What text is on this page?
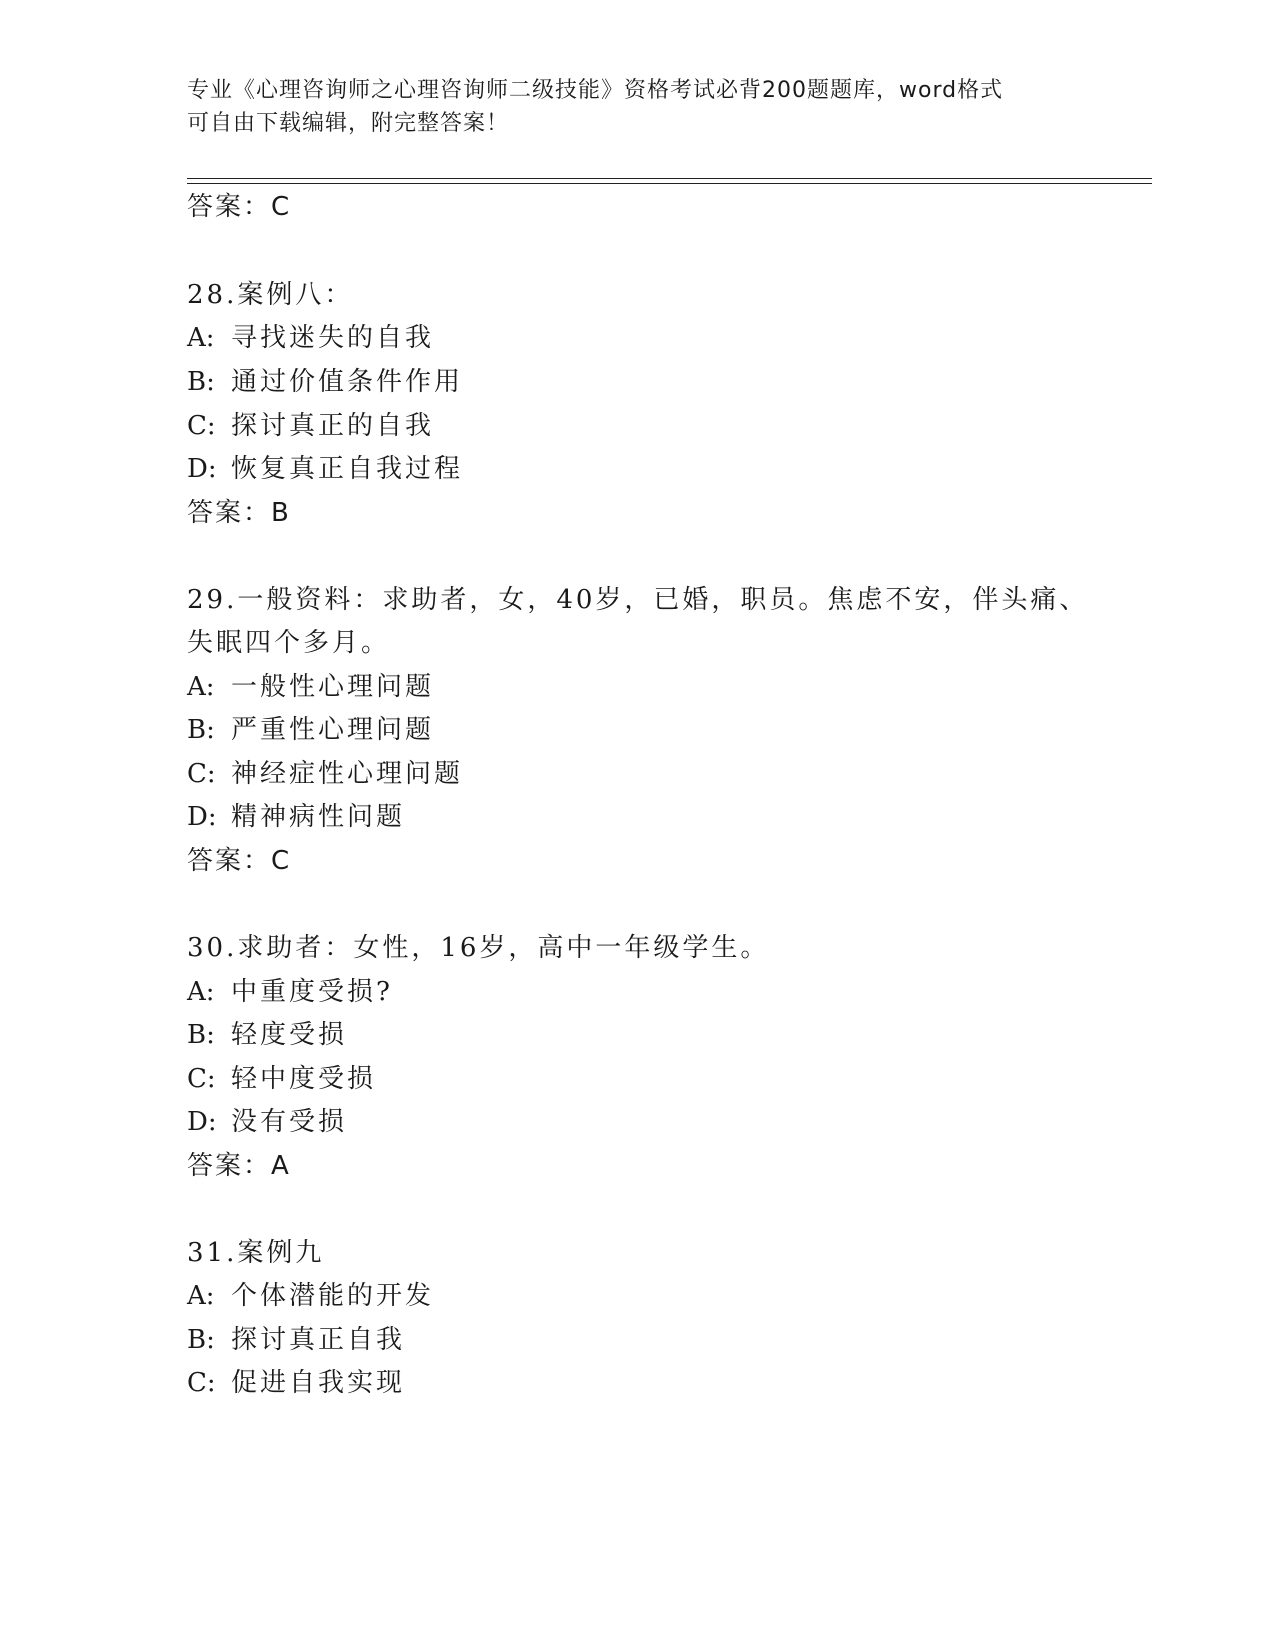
专业《心理咨询师之心理咨询师二级技能》资格考试必背200题题库，word格式
可自由下载编辑，附完整答案！
答案：C
28.案例八：
A: 寻找迷失的自我
B: 通过价值条件作用
C: 探讨真正的自我
D: 恢复真正自我过程
答案：B
29.一般资料：求助者，女，40岁，已婚，职员。焦虑不安，伴头痛、
失眠四个多月。
A: 一般性心理问题
B: 严重性心理问题
C: 神经症性心理问题
D: 精神病性问题
答案：C
30.求助者：女性，16岁，高中一年级学生。
A: 中重度受损?
B: 轻度受损
C: 轻中度受损
D: 没有受损
答案：A
31.案例九
A: 个体潜能的开发
B: 探讨真正自我
C: 促进自我实现
